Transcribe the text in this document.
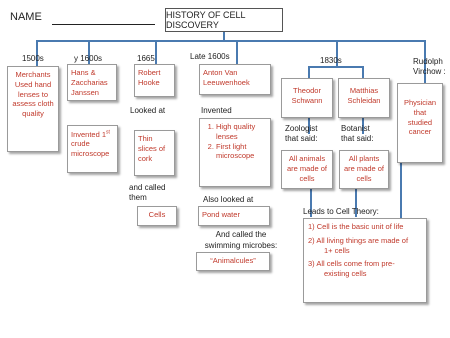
NAME	HISTORY OF CELL DISCOVERY
1500s	y 1600s	1665	Late 1600s	1830s	Rudolph Virchow :
Merchants Used hand lenses to assess cloth quality
Hans & Zaccharias Janssen
Invented 1st crude microscope
Robert Hooke
Looked at
Thin slices of cork
and called them
Cells
Anton Van Leeuwenhoek
Invented
1. High quality lenses
2. First light microscope
Also looked at
Pond water
And called the swimming microbes:
“Animalcules”
Theodor Schwann
Matthias Schleidan
Zoologist that said:
Botanist that said:
All animals are made of cells
All plants are made of cells
Physician that studied cancer
Leads to Cell Theory:
1) Cell is the basic unit of life
2) All living things are made of
1+ cells
3) All cells come from pre-
existing cells
